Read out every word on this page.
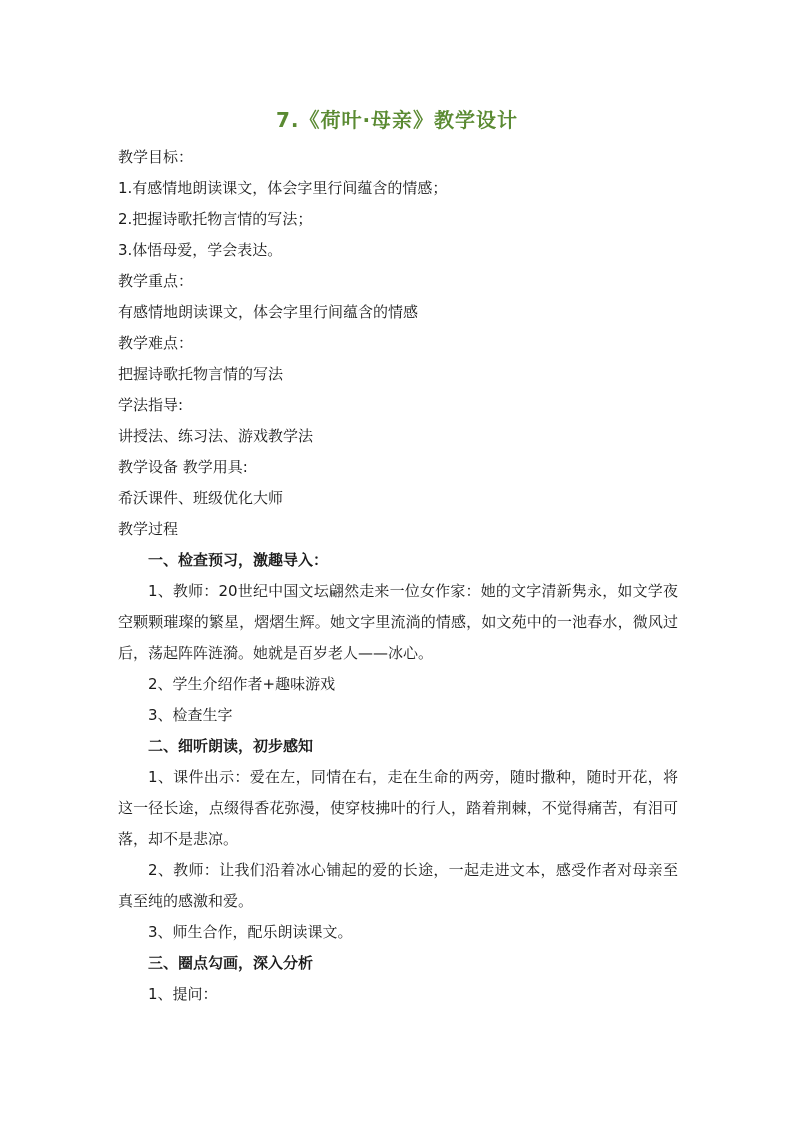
7.《荷叶·母亲》教学设计
教学目标：
1.有感情地朗读课文，体会字里行间蕴含的情感；
2.把握诗歌托物言情的写法；
3.体悟母爱，学会表达。
教学重点：
有感情地朗读课文，体会字里行间蕴含的情感
教学难点：
把握诗歌托物言情的写法
学法指导:
讲授法、练习法、游戏教学法
教学设备 教学用具:
希沃课件、班级优化大师
教学过程
一、检查预习，激趣导入：
1、教师：20世纪中国文坛翩然走来一位女作家：她的文字清新隽永，如文学夜空颗颗璀璨的繁星，熠熠生辉。她文字里流淌的情感，如文苑中的一池春水，微风过后，荡起阵阵涟漪。她就是百岁老人——冰心。
2、学生介绍作者+趣味游戏
3、检查生字
二、细听朗读，初步感知
1、课件出示：爱在左，同情在右，走在生命的两旁，随时撒种，随时开花，将这一径长途，点缀得香花弥漫，使穿枝拂叶的行人，踏着荆棘，不觉得痛苦，有泪可落，却不是悲凉。
2、教师：让我们沿着冰心铺起的爱的长途，一起走进文本，感受作者对母亲至真至纯的感激和爱。
3、师生合作，配乐朗读课文。
三、圈点勾画，深入分析
1、提问：
